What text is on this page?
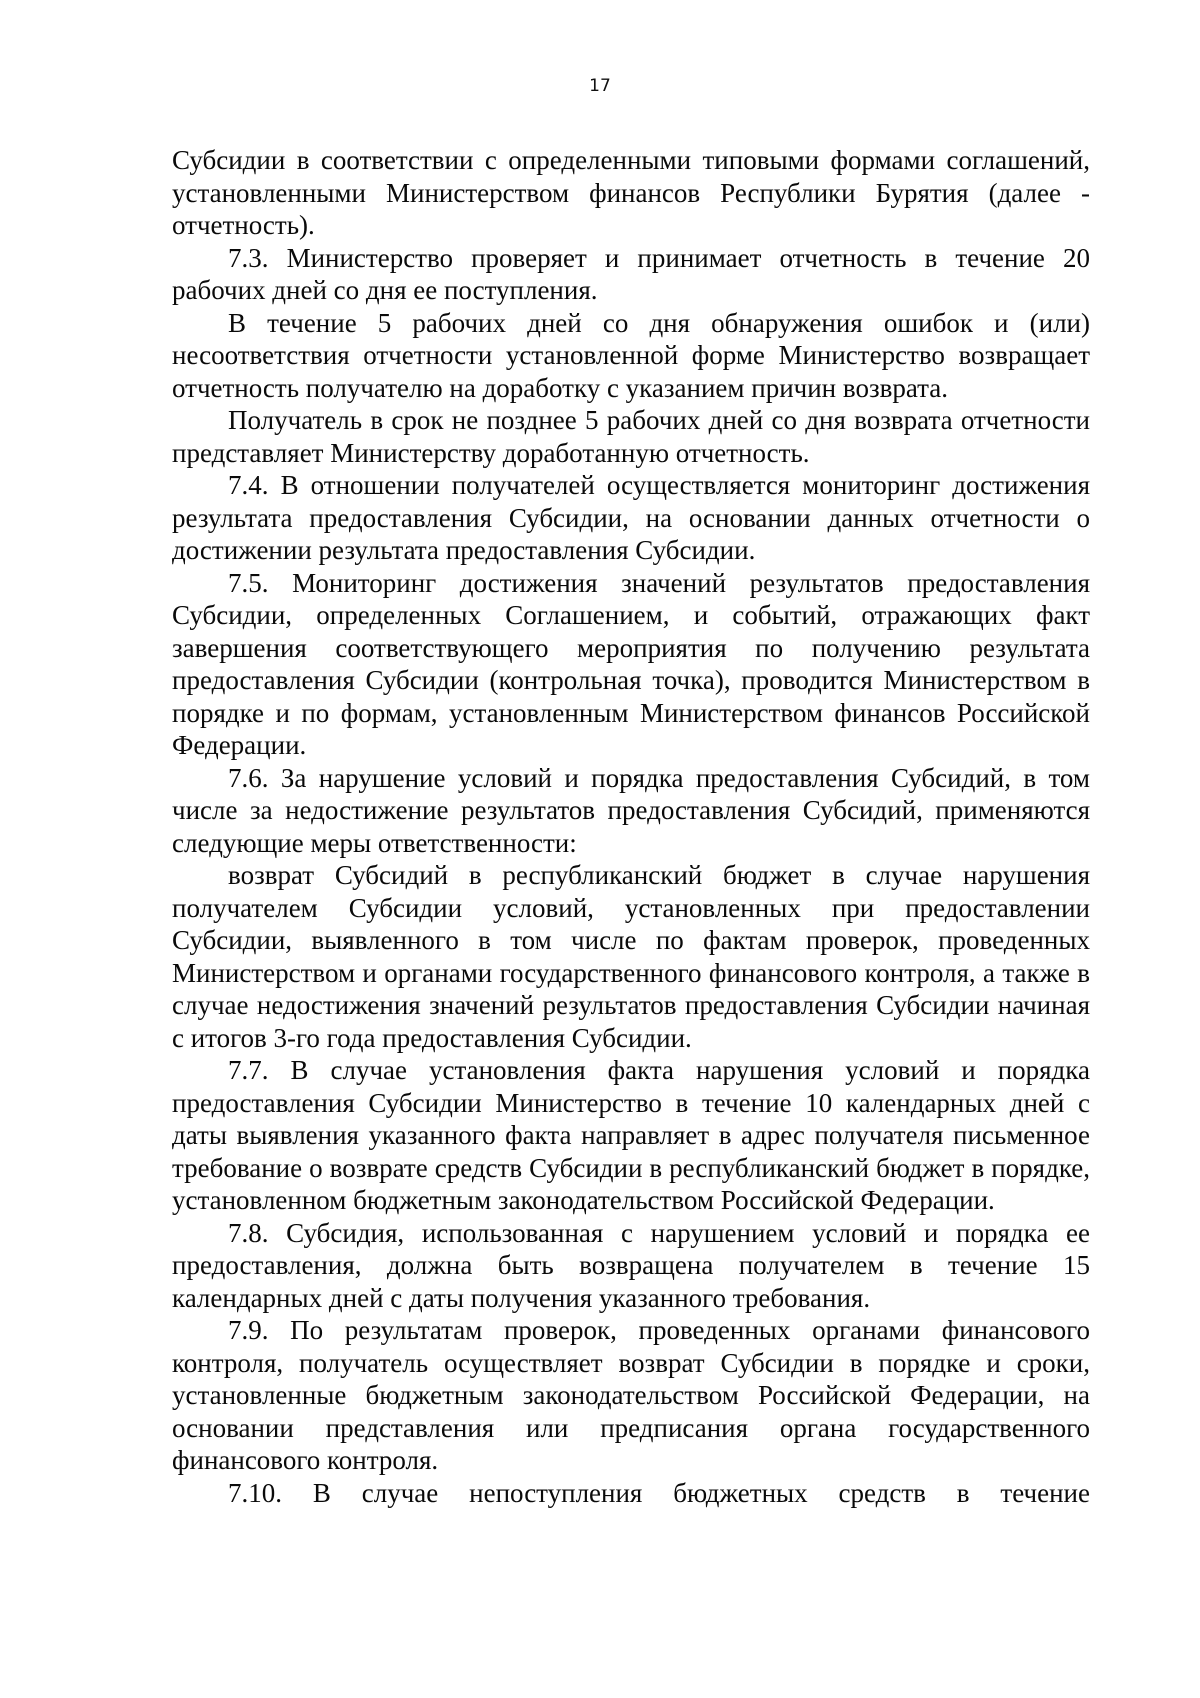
17

Субсидии в соответствии с определенными типовыми формами соглашений, установленными Министерством финансов Республики Бурятия (далее - отчетность).

7.3. Министерство проверяет и принимает отчетность в течение 20 рабочих дней со дня ее поступления.

В течение 5 рабочих дней со дня обнаружения ошибок и (или) несоответствия отчетности установленной форме Министерство возвращает отчетность получателю на доработку с указанием причин возврата.

Получатель в срок не позднее 5 рабочих дней со дня возврата отчетности представляет Министерству доработанную отчетность.

7.4. В отношении получателей осуществляется мониторинг достижения результата предоставления Субсидии, на основании данных отчетности о достижении результата предоставления Субсидии.

7.5. Мониторинг достижения значений результатов предоставления Субсидии, определенных Соглашением, и событий, отражающих факт завершения соответствующего мероприятия по получению результата предоставления Субсидии (контрольная точка), проводится Министерством в порядке и по формам, установленным Министерством финансов Российской Федерации.

7.6. За нарушение условий и порядка предоставления Субсидий, в том числе за недостижение результатов предоставления Субсидий, применяются следующие меры ответственности:

возврат Субсидий в республиканский бюджет в случае нарушения получателем Субсидии условий, установленных при предоставлении Субсидии, выявленного в том числе по фактам проверок, проведенных Министерством и органами государственного финансового контроля, а также в случае недостижения значений результатов предоставления Субсидии начиная с итогов 3-го года предоставления Субсидии.

7.7. В случае установления факта нарушения условий и порядка предоставления Субсидии Министерство в течение 10 календарных дней с даты выявления указанного факта направляет в адрес получателя письменное требование о возврате средств Субсидии в республиканский бюджет в порядке, установленном бюджетным законодательством Российской Федерации.

7.8. Субсидия, использованная с нарушением условий и порядка ее предоставления, должна быть возвращена получателем в течение 15 календарных дней с даты получения указанного требования.

7.9. По результатам проверок, проведенных органами финансового контроля, получатель осуществляет возврат Субсидии в порядке и сроки, установленные бюджетным законодательством Российской Федерации, на основании представления или предписания органа государственного финансового контроля.

7.10. В случае непоступления бюджетных средств в течение
